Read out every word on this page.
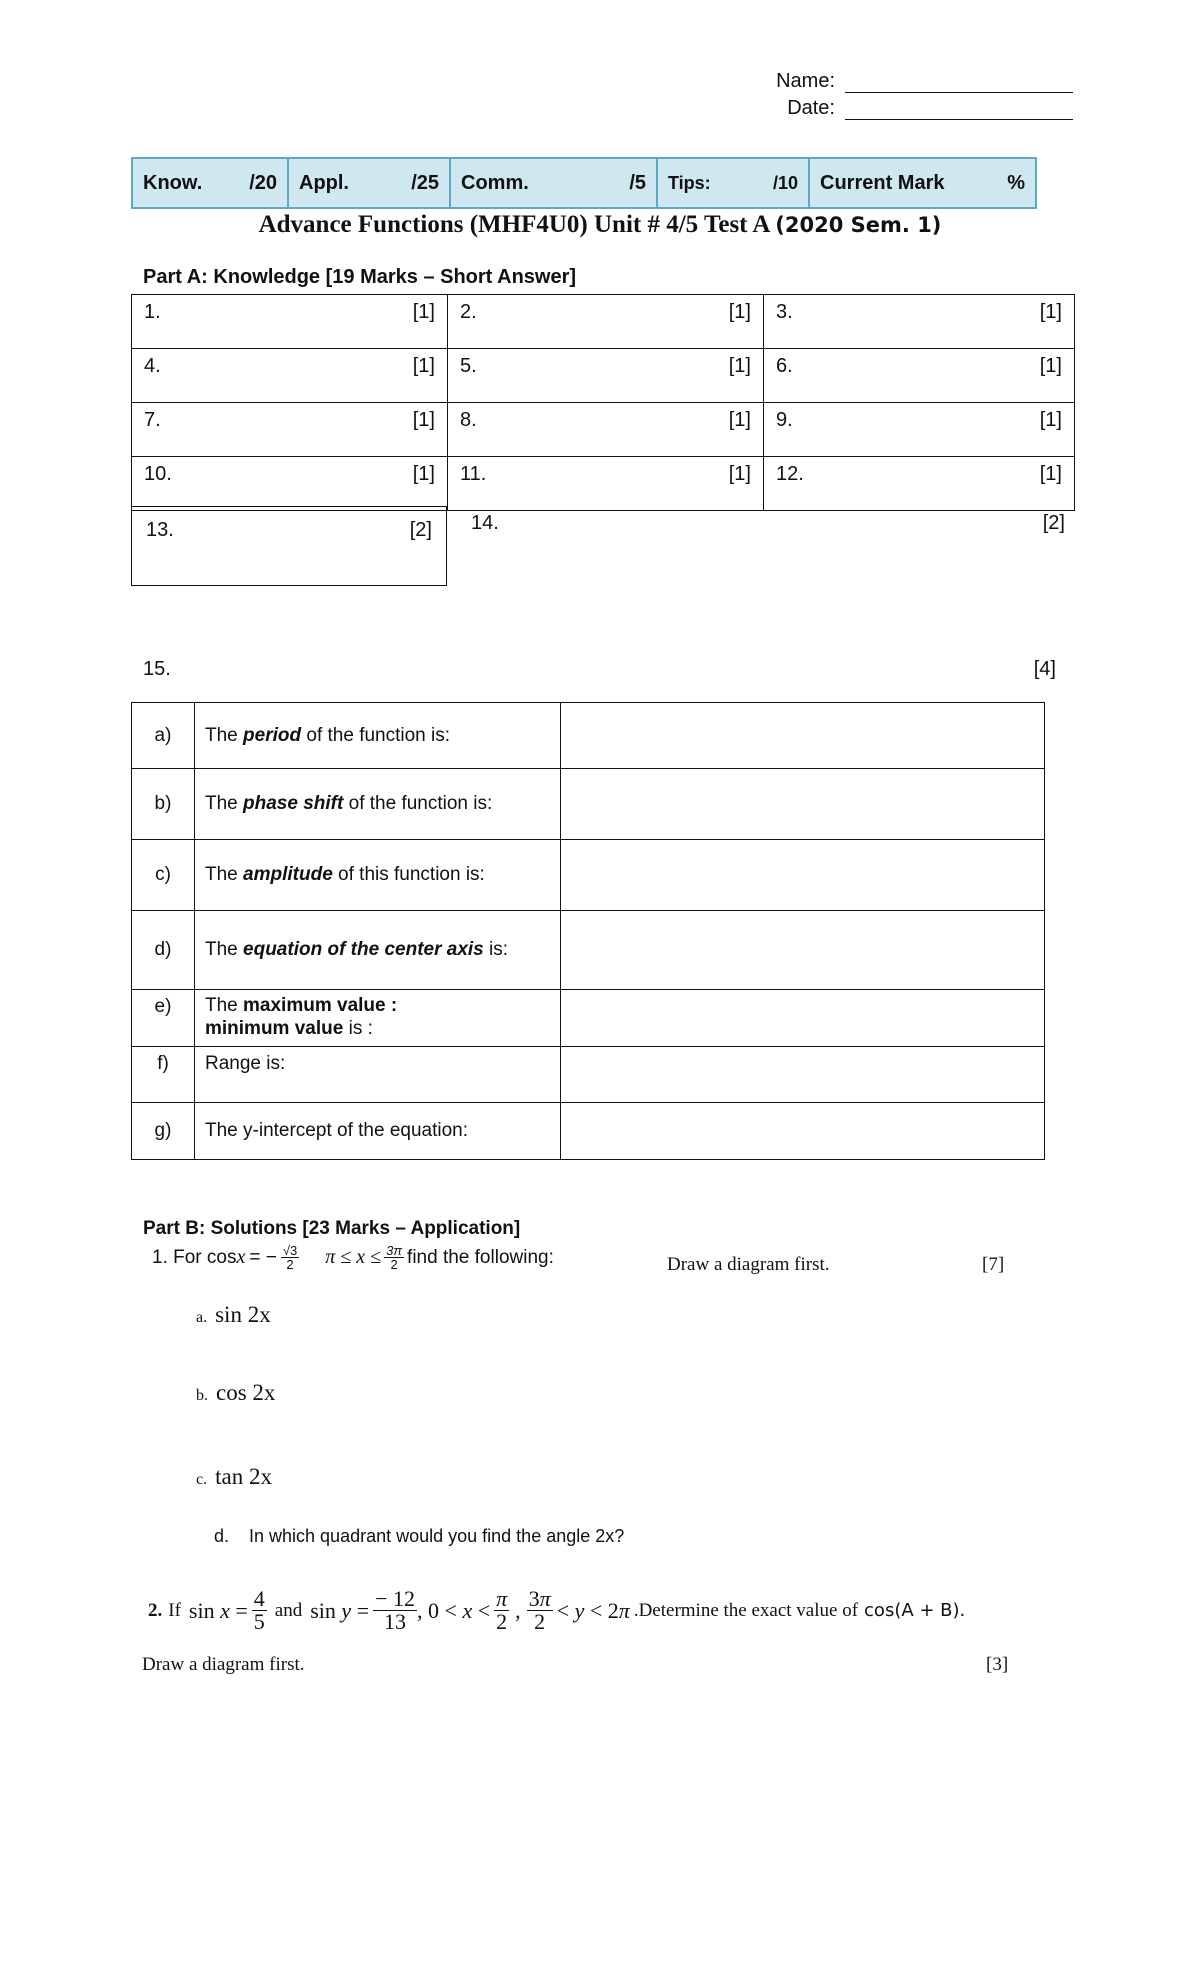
Name:
Date:
Know. /20 Appl.	/25 Comm.	/5 Tips:	/10 Current Mark	%
Advance Functions (MHF4U0) Unit # 4/5 Test A (2020 Sem. 1)
Part A: Knowledge [19 Marks – Short Answer]
1. [1]	2. [1]	3. [1]

4. [1]	5. [1]	6. [1]

7. [1]	8. [1]	9. [1]

10. [1]	11. [1]	12. [1]
13.	[2] 14.	[2]
15.	[4]
a)	The period of the function is:	
b)	The phase shift of the function is:	
c)	The amplitude of this function is:	
d)	The equation of the center axis is:	
e)	The maximum value :
minimum value is :	

f)	Range is:	
g)	The y-intercept of the equation:	
Part B: Solutions [23 Marks – Application]
1. For cos x = − $\frac{√3}{2}$ $\pi \le x \le \frac{3\pi}{2}$ find the following:	Draw a diagram first.	[7]
a. sin 2x
b. cos 2x
c. tan 2x
d. In which quadrant would you find the angle 2x?
2. If $\sin x = \frac{4}{5}$ and $\sin y = \frac{- 12}{13}$ , 0 < x < π
2 , 3π
2 < y < 2π .Determine the exact value of cos(A + B).
Draw a diagram first.	[3]
